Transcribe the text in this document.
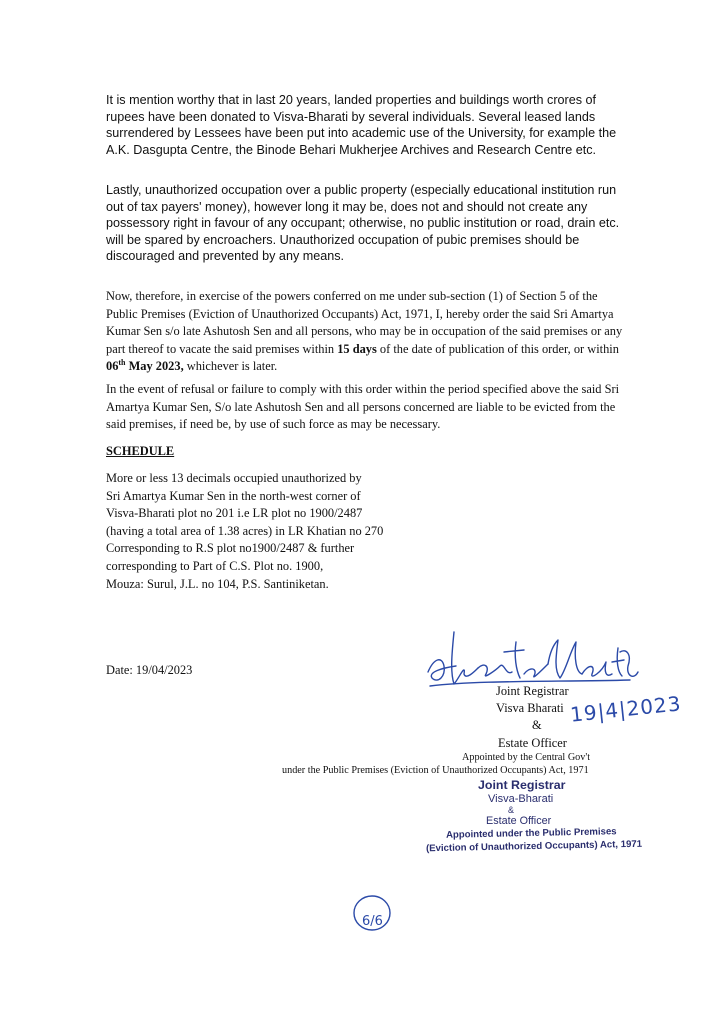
It is mention worthy that in last 20 years, landed properties and buildings worth crores of rupees have been donated to Visva-Bharati by several individuals. Several leased lands surrendered by Lessees have been put into academic use of the University, for example the A.K. Dasgupta Centre, the Binode Behari Mukherjee Archives and Research Centre etc.

Lastly, unauthorized occupation over a public property (especially educational institution run out of tax payers' money), however long it may be, does not and should not create any possessory right in favour of any occupant; otherwise, no public institution or road, drain etc. will be spared by encroachers. Unauthorized occupation of pubic premises should be discouraged and prevented by any means.

Now, therefore, in exercise of the powers conferred on me under sub-section (1) of Section 5 of the Public Premises (Eviction of Unauthorized Occupants) Act, 1971, I, hereby order the said Sri Amartya Kumar Sen s/o late Ashutosh Sen and all persons, who may be in occupation of the said premises or any part thereof to vacate the said premises within 15 days of the date of publication of this order, or within 06th May 2023, whichever is later.

In the event of refusal or failure to comply with this order within the period specified above the said Sri Amartya Kumar Sen, S/o late Ashutosh Sen and all persons concerned are liable to be evicted from the said premises, if need be, by use of such force as may be necessary.

SCHEDULE

More or less 13 decimals occupied unauthorized by
Sri Amartya Kumar Sen in the north-west corner of
Visva-Bharati plot no 201 i.e LR plot no 1900/2487
(having a total area of 1.38 acres) in LR Khatian no 270
Corresponding to R.S plot no1900/2487 & further
corresponding to Part of C.S. Plot no. 1900,
Mouza: Surul, J.L. no 104, P.S. Santiniketan.

Date: 19/04/2023

Joint Registrar

Visva Bharati

&

Estate Officer

Appointed by the Central Gov't

under the Public Premises (Eviction of Unauthorized Occupants) Act, 1971

19|4|2023

Joint Registrar

Visva-Bharati

&

Estate Officer

Appointed under the Public Premises

(Eviction of Unauthorized Occupants) Act, 1971

6/6
